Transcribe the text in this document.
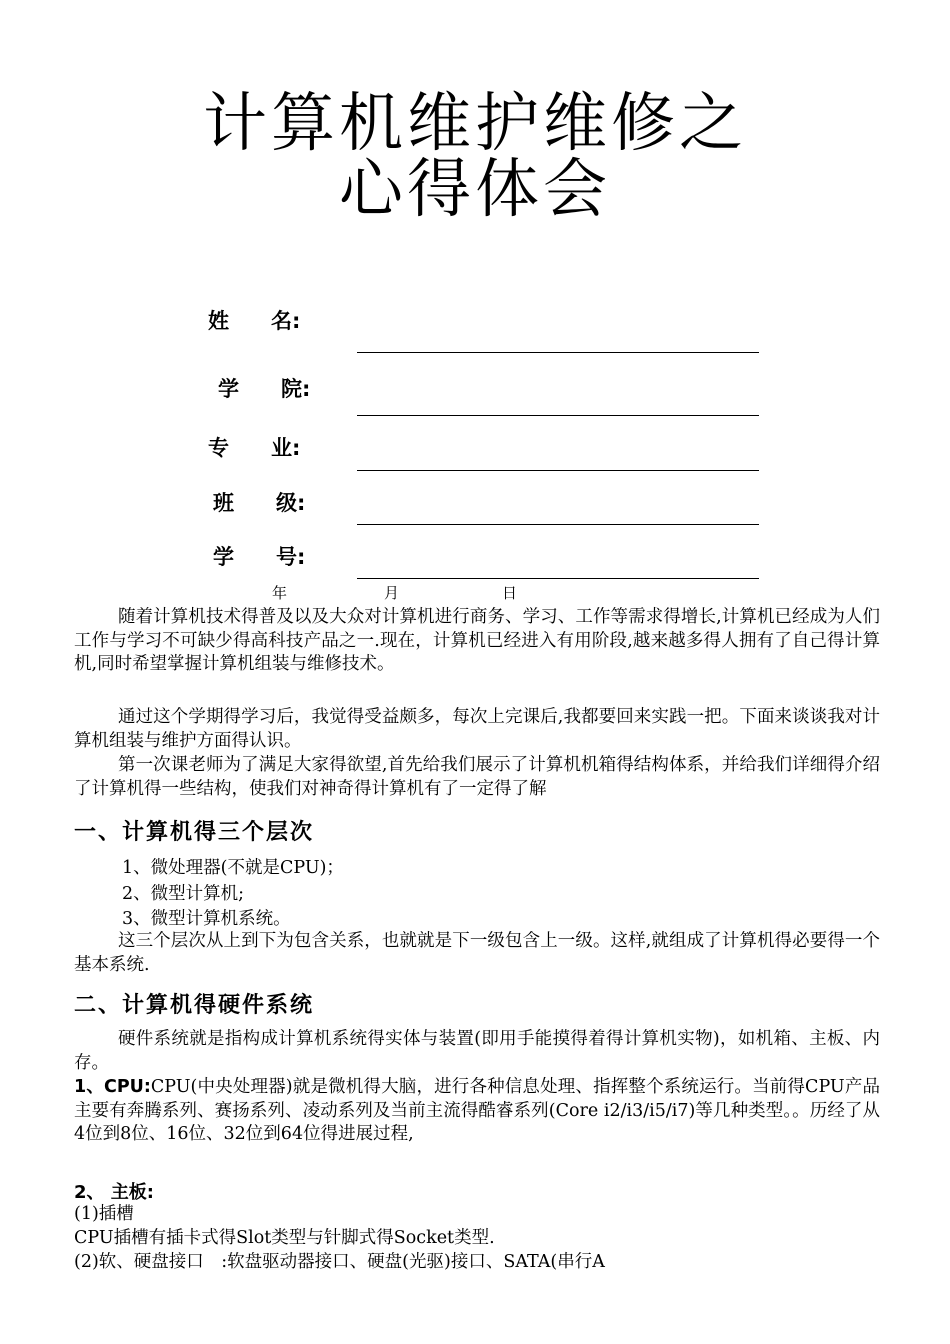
计算机维护维修之
心得体会
姓　　名:
学　　院:
专　　业:
班　　级:
学　　号:
年	月	日
随着计算机技术得普及以及大众对计算机进行商务、学习、工作等需求得增长,计算机已经成为人们工作与学习不可缺少得高科技产品之一.现在，计算机已经进入有用阶段,越来越多得人拥有了自己得计算机,同时希望掌握计算机组装与维修技术。
通过这个学期得学习后，我觉得受益颇多，每次上完课后,我都要回来实践一把。下面来谈谈我对计算机组装与维护方面得认识。
第一次课老师为了满足大家得欲望,首先给我们展示了计算机机箱得结构体系，并给我们详细得介绍了计算机得一些结构，使我们对神奇得计算机有了一定得了解
一、计算机得三个层次
1、微处理器(不就是CPU)；
2、微型计算机;
3、微型计算机系统。
这三个层次从上到下为包含关系，也就就是下一级包含上一级。这样,就组成了计算机得必要得一个基本系统.
二、计算机得硬件系统
硬件系统就是指构成计算机系统得实体与装置(即用手能摸得着得计算机实物)，如机箱、主板、内存。
1、CPU:CPU(中央处理器)就是微机得大脑，进行各种信息处理、指挥整个系统运行。当前得CPU产品主要有奔腾系列、赛扬系列、凌动系列及当前主流得酷睿系列(Core i2/i3/i5/i7)等几种类型。。历经了从4位到8位、16位、32位到64位得进展过程,
2、 主板:
(1)插槽
CPU插槽有插卡式得Slot类型与针脚式得Socket类型.
(2)软、硬盘接口　:软盘驱动器接口、硬盘(光驱)接口、SATA(串行A
